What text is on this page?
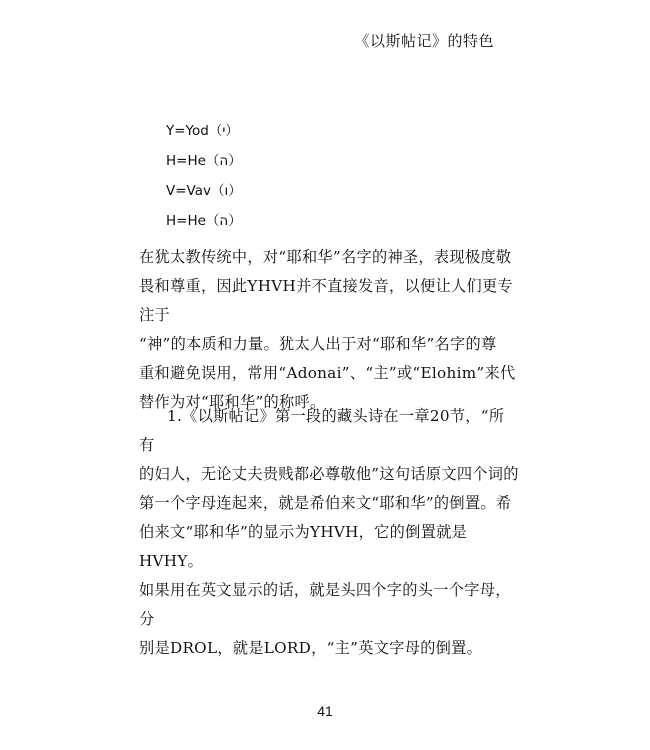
《以斯帖记》的特色
Y=Yod（י）
H=He（ה）
V=Vav（ו）
H=He（ה）
在犹太教传统中，对“耶和华”名字的神圣，表现极度敬
畏和尊重，因此YHVH并不直接发音，以便让人们更专注于
“神”的本质和力量。犹太人出于对“耶和华”名字的尊
重和避免误用，常用“Adonai”、“主”或“Elohim”来代
替作为对“耶和华”的称呼。
1.《以斯帖记》第一段的藏头诗在一章20节，“所有
的妇人，无论丈夫贵贱都必尊敬他”这句话原文四个词的
第一个字母连起来，就是希伯来文“耶和华”的倒置。希
伯来文“耶和华”的显示为YHVH，它的倒置就是HVHY。
如果用在英文显示的话，就是头四个字的头一个字母，分
别是DROL，就是LORD，“主”英文字母的倒置。
41
